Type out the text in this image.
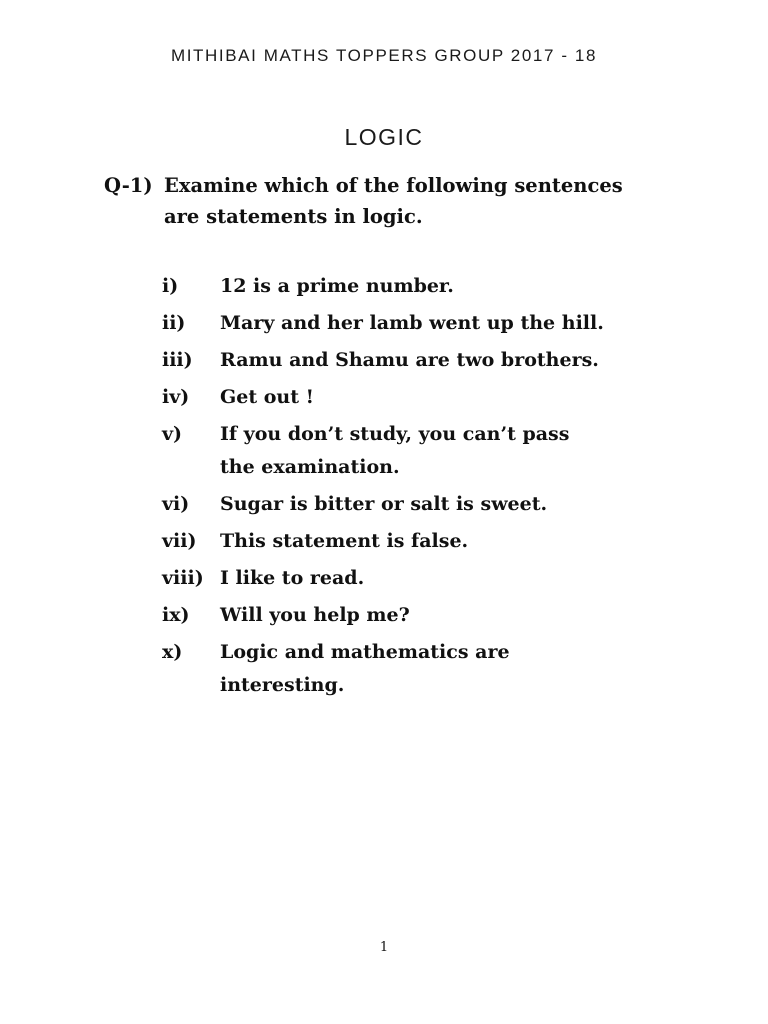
MITHIBAI MATHS TOPPERS GROUP 2017 - 18
LOGIC
Q-1) Examine which of the following sentences
are statements in logic.
i) 12 is a prime number.
ii) Mary and her lamb went up the hill.
iii) Ramu and Shamu are two brothers.
iv) Get out !
v) If you don’t study, you can’t pass
the examination.
vi) Sugar is bitter or salt is sweet.
vii) This statement is false.
viii) I like to read.
ix) Will you help me?
x) Logic and mathematics are
interesting.
1
